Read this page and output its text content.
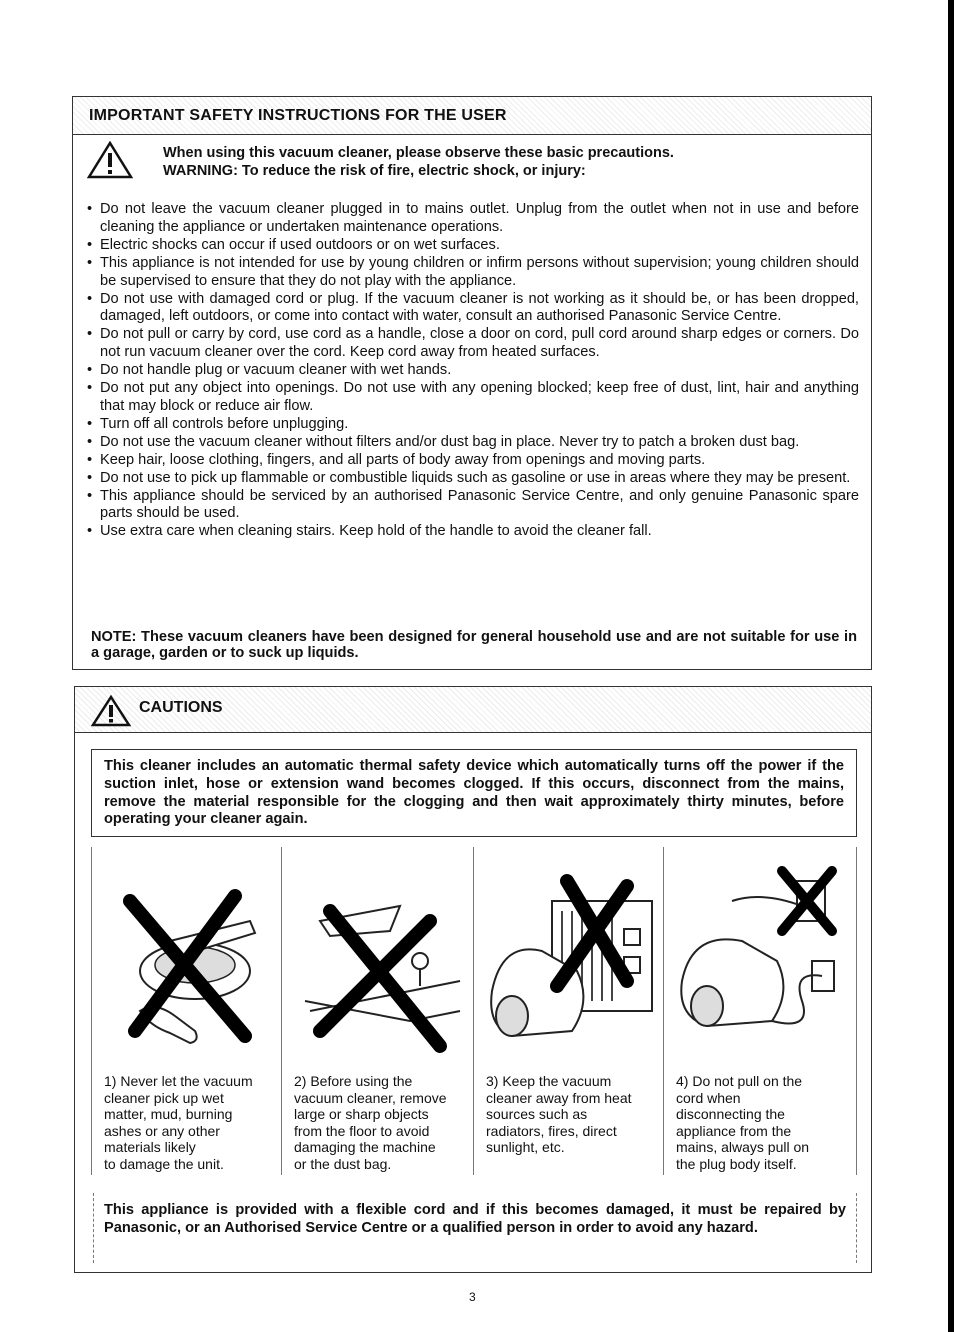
IMPORTANT SAFETY INSTRUCTIONS FOR THE USER
When using this vacuum cleaner, please observe these basic precautions.
WARNING: To reduce the risk of fire, electric shock, or injury:
• Do not leave the vacuum cleaner plugged in to mains outlet. Unplug from the outlet when not in use and before cleaning the appliance or undertaken maintenance operations.
• Electric shocks can occur if used outdoors or on wet surfaces.
• This appliance is not intended for use by young children or infirm persons without supervision; young children should be supervised to ensure that they do not play with the appliance.
• Do not use with damaged cord or plug. If the vacuum cleaner is not working as it should be, or has been dropped, damaged, left outdoors, or come into contact with water, consult an authorised Panasonic Service Centre.
• Do not pull or carry by cord, use cord as a handle, close a door on cord, pull cord around sharp edges or corners. Do not run vacuum cleaner over the cord. Keep cord away from heated surfaces.
• Do not handle plug or vacuum cleaner with wet hands.
• Do not put any object into openings. Do not use with any opening blocked; keep free of dust, lint, hair and anything that may block or reduce air flow.
• Turn off all controls before unplugging.
• Do not use the vacuum cleaner without filters and/or dust bag in place. Never try to patch a broken dust bag.
• Keep hair, loose clothing, fingers, and all parts of body away from openings and moving parts.
• Do not use to pick up flammable or combustible liquids such as gasoline or use in areas where they may be present.
• This appliance should be serviced by an authorised Panasonic Service Centre, and only genuine Panasonic spare parts should be used.
• Use extra care when cleaning stairs. Keep hold of the handle to avoid the cleaner fall.
NOTE: These vacuum cleaners have been designed for general household use and are not suitable for use in a garage, garden or to suck up liquids.
CAUTIONS
This cleaner includes an automatic thermal safety device which automatically turns off the power if the suction inlet, hose or extension wand becomes clogged. If this occurs, disconnect from the mains, remove the material responsible for the clogging and then wait approximately thirty minutes, before operating your cleaner again.
1) Never let the vacuum
cleaner pick up wet
matter, mud, burning
ashes or any other
materials likely
to damage the unit.
2) Before using the
vacuum cleaner, remove
large or sharp objects
from the floor to avoid
damaging the machine
or the dust bag.
3) Keep the vacuum
cleaner away from heat
sources such as
radiators, fires, direct
sunlight, etc.
4) Do not pull on the
cord when
disconnecting the
appliance from the
mains, always pull on
the plug body itself.
This appliance is provided with a flexible cord and if this becomes damaged, it must be repaired by Panasonic, or an Authorised Service Centre or a qualified person in order to avoid any hazard.
3
